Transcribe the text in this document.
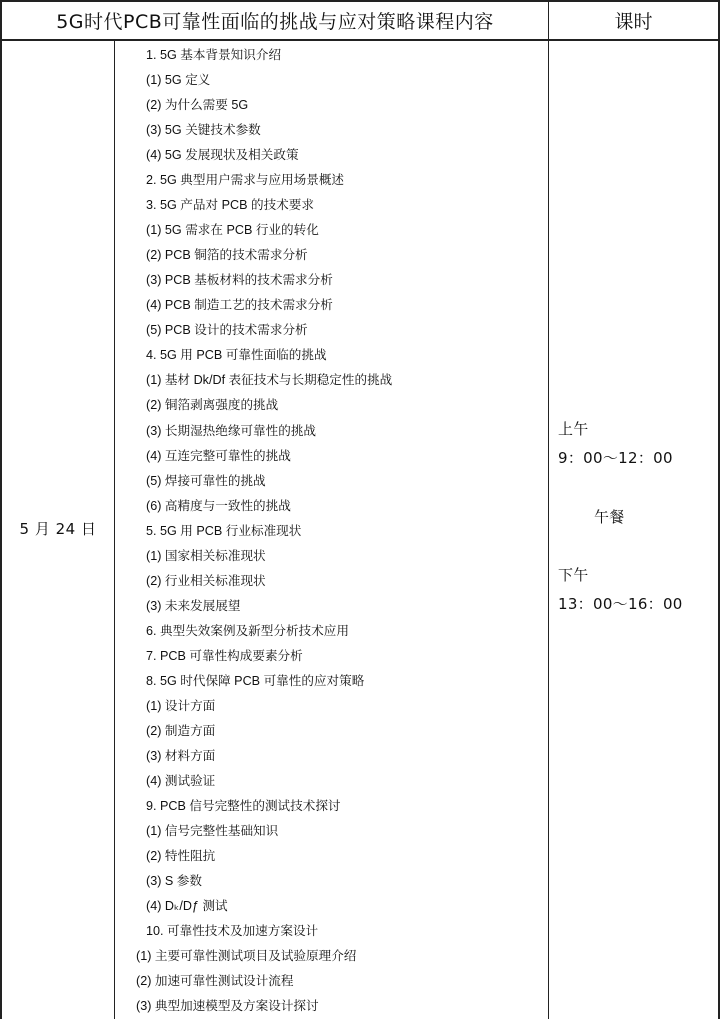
5G时代PCB可靠性面临的挑战与应对策略课程内容	课时
5 月 24 日
1. 5G 基本背景知识介绍
(1) 5G 定义
(2) 为什么需要 5G
(3) 5G 关键技术参数
(4) 5G 发展现状及相关政策
2. 5G 典型用户需求与应用场景概述
3. 5G 产品对 PCB 的技术要求
(1) 5G 需求在 PCB 行业的转化
(2) PCB 铜箔的技术需求分析
(3) PCB 基板材料的技术需求分析
(4) PCB 制造工艺的技术需求分析
(5) PCB 设计的技术需求分析
4. 5G 用 PCB 可靠性面临的挑战
(1) 基材 Dk/Df 表征技术与长期稳定性的挑战
(2) 铜箔剥离强度的挑战
(3) 长期湿热绝缘可靠性的挑战
(4) 互连完整可靠性的挑战
(5) 焊接可靠性的挑战
(6) 高精度与一致性的挑战
5. 5G 用 PCB 行业标准现状
(1) 国家相关标准现状
(2) 行业相关标准现状
(3) 未来发展展望
6. 典型失效案例及新型分析技术应用
7. PCB 可靠性构成要素分析
8. 5G 时代保障 PCB 可靠性的应对策略
(1) 设计方面
(2) 制造方面
(3) 材料方面
(4) 测试验证
9. PCB 信号完整性的测试技术探讨
(1) 信号完整性基础知识
(2) 特性阻抗
(3) S 参数
(4) Dₖ/Dƒ 测试
10. 可靠性技术及加速方案设计
(1) 主要可靠性测试项目及试验原理介绍
(2) 加速可靠性测试设计流程
(3) 典型加速模型及方案设计探讨
上午
9：00～12：00
午餐
下午
13：00～16：00
